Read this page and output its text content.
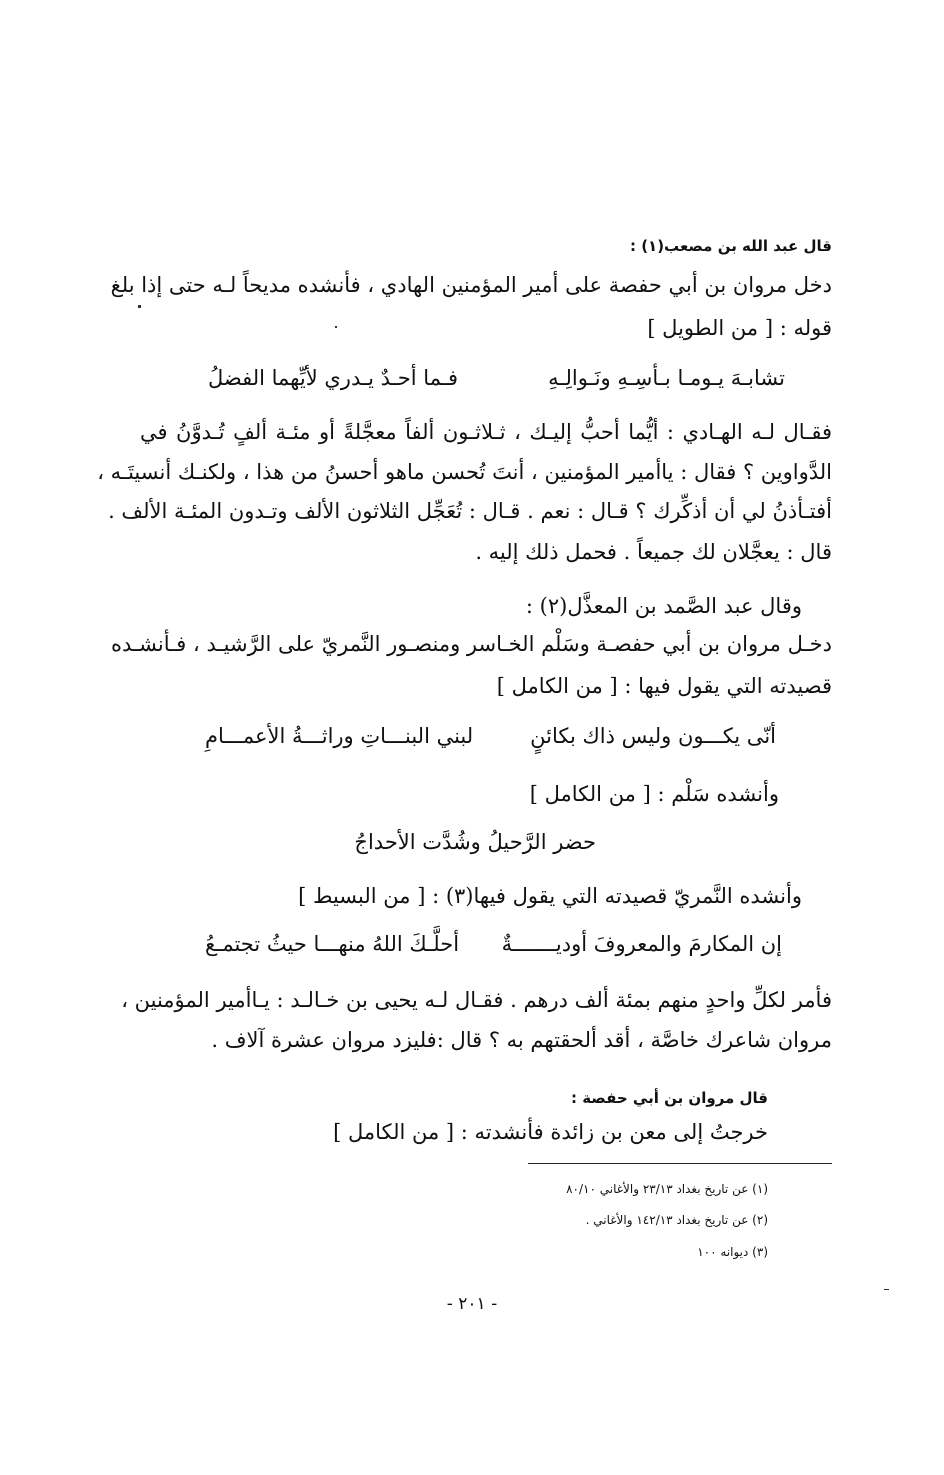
قال عبد الله بن مصعب(١) :
دخل مروان بن أبي حفصة على أمير المؤمنين الهادي ، فأنشده مديحاً لـه حتى إذا بلغ
قوله : [ من الطويل ]
تشابـهَ يـومـا بـأسِـهِ ونَـوالِـهِ
فـما أحـدٌ يـدري لأيِّهما الفضلُ
فقـال لـه الهـادي : أيُّما أحبُّ إليـك ، ثـلاثـون ألفاً معجَّلةً أو مئـة ألفٍ تُـدوَّنُ في
الدَّواوين ؟ فقال : ياأمير المؤمنين ، أنتَ تُحسن ماهو أحسنُ من هذا ، ولكنـك أنسيتَـه ،
أفتـأذنُ لي أن أذكِّرك ؟ قـال : نعم . قـال : تُعَجِّل الثلاثون الألف وتـدون المئـة الألف .
قال : يعجَّلان لك جميعاً . فحمل ذلك إليه .
وقال عبد الصَّمد بن المعذَّل(٢) :
دخـل مروان بن أبي حفصـة وسَلْم الخـاسر ومنصـور النَّمريّ على الرَّشيـد ، فـأنشـده
قصيدته التي يقول فيها : [ من الكامل ]
أنّى يكـــون وليس ذاك بكائنٍ
لبني البنـــاتِ وراثـــةُ الأعمـــامِ
وأنشده سَلْم : [ من الكامل ]
حضر الرَّحيلُ وشُدَّت الأحداجُ
وأنشده النَّمريّ قصيدته التي يقول فيها(٣) : [ من البسيط ]
إن المكارمَ والمعروفَ أوديـــــــةٌ
أحلَّـكَ اللهُ منهـــا حيثُ تجتمـعُ
فأمر لكلِّ واحدٍ منهم بمئة ألف درهم . فقـال لـه يحيى بن خـالـد : يـاأمير المؤمنين ،
مروان شاعرك خاصَّة ، أقد ألحقتهم به ؟ قال :فليزد مروان عشرة آلاف .
قال مروان بن أبي حفصة :
خرجتُ إلى معن بن زائدة فأنشدته : [ من الكامل ]
(١) عن تاريخ بغداد ٢٣/١٣ والأغاني ٨٠/١٠
(٢) عن تاريخ بغداد ١٤٢/١٣ والأغاني .
(٣) ديوانه ١٠٠
- ٢٠١ -
